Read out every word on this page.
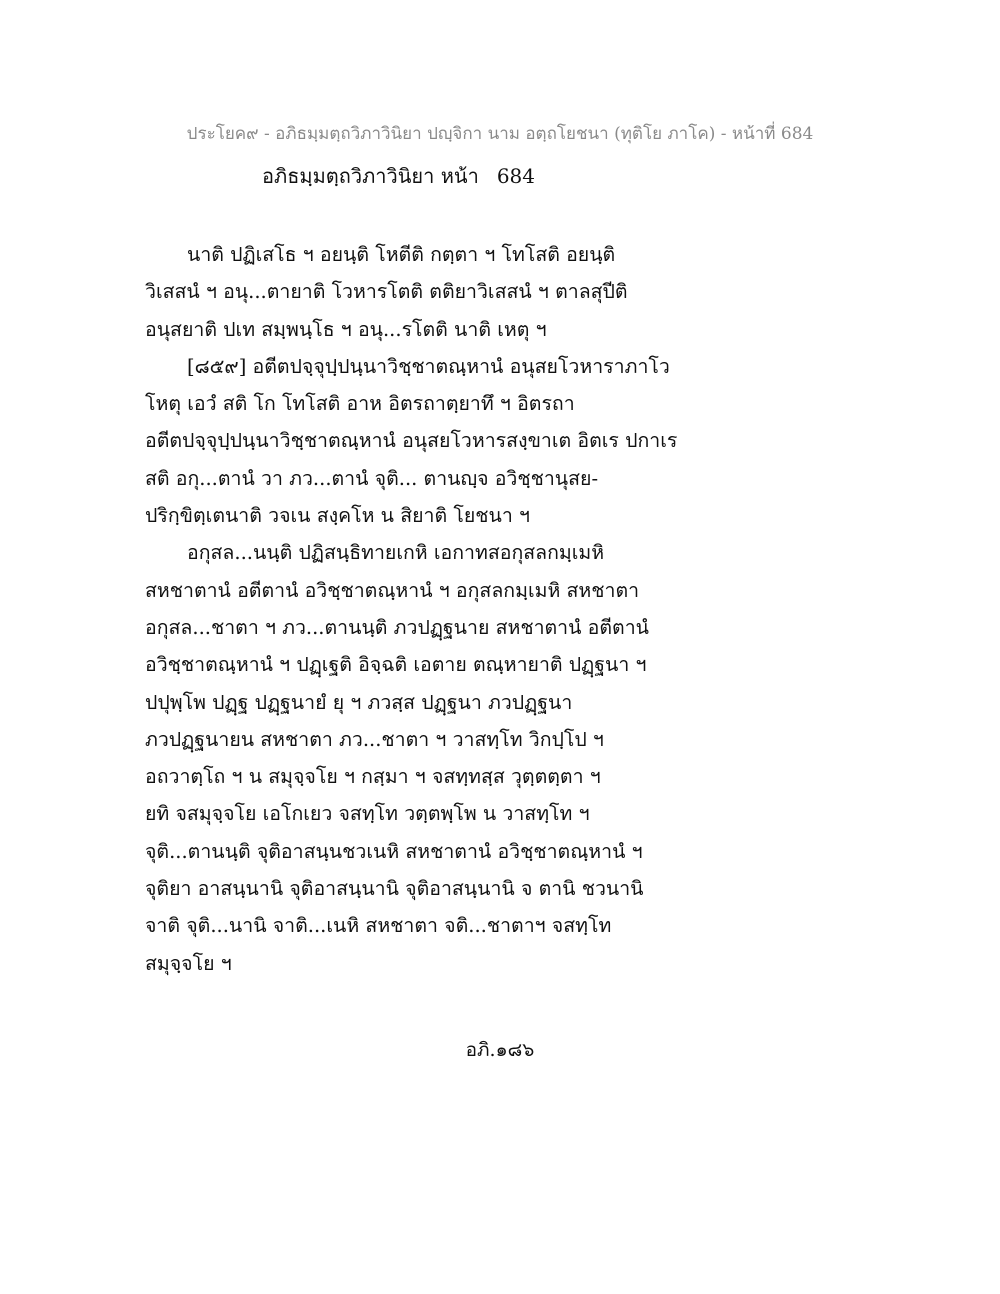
ประโยค๙ - อภิธมฺมตฺถวิภาวินิยา ปญฺจิกา นาม อตฺถโยชนา (ทุติโย ภาโค) - หน้าที่ 684
อภิธมฺมตฺถวิภาวินิยา หน้า 684
นาติ ปฏิเสโธ ฯ อยนฺติ โหตีติ กตฺตา ฯ โทโสติ อยนฺติ
วิเสสนํ ฯ อนุ...ตายาติ โวหารโตติ ตติยาวิเสสนํ ฯ ตาลสุปีติ
อนุสยาติ ปเท สมฺพนฺโธ ฯ อนุ...รโตติ นาติ เหตุ ฯ
[๘๕๙] อตีตปจฺจุปฺปนฺนาวิชฺชาตณฺหานํ อนุสยโวหาราภาโว
โหตุ เอวํ สติ โก โทโสติ อาห อิตรถาตฺยาทึ ฯ อิตรถา
อตีตปจฺจุปฺปนฺนาวิชฺชาตณฺหานํ อนุสยโวหารสงฺขาเต อิตเร ปกาเร
สติ อกุ...ตานํ วา ภว...ตานํ จุติ... ตานญฺจ อวิชฺชานุสย-
ปริกฺขิตฺเตนาติ วจเน สงฺคโห น สิยาติ โยชนา ฯ
อกุสล...นนฺติ ปฏิสนฺธิทายเกหิ เอกาทสอกุสลกมฺเมหิ
สหชาตานํ อตีตานํ อวิชฺชาตณฺหานํ ฯ อกุสลกมฺเมหิ สหชาตา
อกุสล...ชาตา ฯ ภว...ตานนฺติ ภวปฏฺฐนาย สหชาตานํ อตีตานํ
อวิชฺชาตณฺหานํ ฯ ปฏฺเฐติ อิจฺฉติ เอตาย ตณฺหายาติ ปฏฺฐนา ฯ
ปปุพฺโพ ปฏฺฐ ปฏฺฐนายํ ยุ ฯ ภวสฺส ปฏฺฐนา ภวปฏฺฐนา
ภวปฏฺฐนายน สหชาตา ภว...ชาตา ฯ วาสทฺโท วิกปฺโป ฯ
อถวาตฺโถ ฯ น สมุจฺจโย ฯ กสฺมา ฯ จสทฺทสฺส วุตฺตตฺตา ฯ
ยทิ จสมุจฺจโย เอโกเยว จสทฺโท วตฺตพฺโพ น วาสทฺโท ฯ
จุติ...ตานนฺติ จุติอาสนฺนชวเนหิ สหชาตานํ อวิชฺชาตณฺหานํ ฯ
จุติยา อาสนฺนานิ จุติอาสนฺนานิ จุติอาสนฺนานิ จ ตานิ ชวนานิ
จาติ จุติ...นานิ จาติ...เนหิ สหชาตา จติ...ชาตาฯ จสทฺโท
สมุจฺจโย ฯ
อภิ.๑๘๖
